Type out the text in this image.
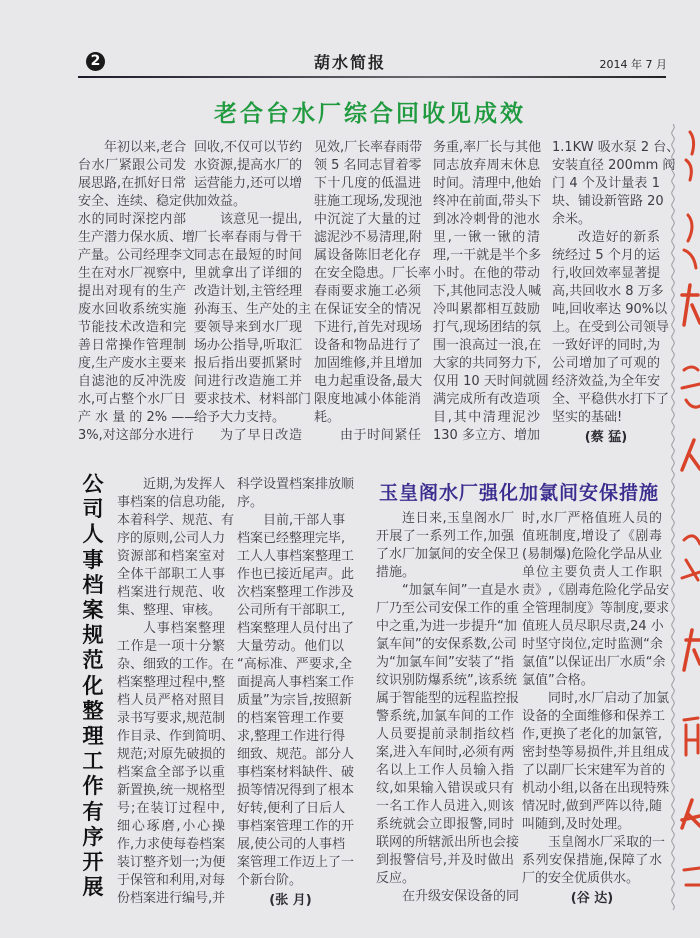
2	葫水简报	2014 年 7 月
老合台水厂综合回收见成效
年初以来,老合
台水厂紧跟公司发
展思路,在抓好日常
安全、连续、稳定供
水的同时深挖内部
生产潜力保水质、增
产量。公司经理李文
生在对水厂视察中,
提出对现有的生产
废水回收系统实施
节能技术改造和完
善日常操作管理制
度,生产废水主要来
自滤池的反冲洗废
水,可占整个水厂日
产 水 量 的 2% ——
3%,对这部分水进行
回收,不仅可以节约
水资源,提高水厂的
运营能力,还可以增
加效益。
该意见一提出,
厂长率春雨与骨干
同志在最短的时间
里就拿出了详细的
改造计划,主管经理
孙海玉、生产处的主
要领导来到水厂现
场办公指导,听取汇
报后指出要抓紧时
间进行改造施工并
要求技术、材料部门
给予大力支持。
为了早日改造
见效,厂长率春雨带
领 5 名同志冒着零
下十几度的低温进
驻施工现场,发现池
中沉淀了大量的过
滤泥沙不易清理,附
属设备陈旧老化存
在安全隐患。厂长率
春雨要求施工必须
在保证安全的情况
下进行,首先对现场
设备和物品进行了
加固维修,并且增加
电力起重设备,最大
限度地减小体能消
耗。
由于时间紧任
务重,率厂长与其他
同志放弃周末休息
时间。清理中,他始
终冲在前面,带头下
到冰冷刺骨的池水
里,一锹一锹的清
理,一干就是半个多
小时。在他的带动
下,其他同志没人喊
冷叫累都相互鼓励
打气,现场团结的氛
围一浪高过一浪,在
大家的共同努力下,
仅用 10 天时间就圆
满完成所有改造项
目,其中清理泥沙
130 多立方、增加
1.1KW 吸水泵 2 台、
安装直径 200mm 阀
门 4 个及计量表 1
块、铺设新管路 20
余米。
改造好的新系
统经过 5 个月的运
行,收回效率显著提
高,共回收水 8 万多
吨,回收率达 90%以
上。在受到公司领导
一致好评的同时,为
公司增加了可观的
经济效益,为全年安
全、平稳供水打下了
坚实的基础!
(蔡 猛)
公
司
人
事
档
案
规
范
化
整
理
工
作
有
序
开
展
近期,为发挥人
事档案的信息功能,
本着科学、规范、有
序的原则,公司人力
资源部和档案室对
全体干部职工人事
档案进行规范、收
集、整理、审核。
人事档案整理
工作是一项十分繁
杂、细致的工作。在
档案整理过程中,整
档人员严格对照目
录书写要求,规范制
作目录、作到简明、
规范;对原先破损的
档案盒全部予以重
新置换,统一规格型
号;在装订过程中,
细心琢磨,小心操
作,力求使每卷档案
装订整齐划一;为便
于保管和利用,对每
份档案进行编号,并
科学设置档案排放顺
序。
目前,干部人事
档案已经整理完毕,
工人人事档案整理工
作也已接近尾声。此
次档案整理工作涉及
公司所有干部职工,
档案整理人员付出了
大量劳动。他们以
“高标准、严要求,全
面提高人事档案工作
质量”为宗旨,按照新
的档案管理工作要
求,整理工作进行得
细致、规范。部分人
事档案材料缺件、破
损等情况得到了根本
好转,便利了日后人
事档案管理工作的开
展,使公司的人事档
案管理工作迈上了一
个新台阶。
(张 月)
玉皇阁水厂强化加氯间安保措施
连日来,玉皇阁水厂
开展了一系列工作,加强
了水厂加氯间的安全保卫
措施。
“加氯车间”一直是水
厂乃至公司安保工作的重
中之重,为进一步提升“加
氯车间”的安保系数,公司
为“加氯车间”安装了“指
纹识别防爆系统”,该系统
属于智能型的远程监控报
警系统,加氯车间的工作
人员要提前录制指纹档
案,进入车间时,必须有两
名以上工作人员输入指
纹,如果输入错误或只有
一名工作人员进入,则该
系统就会立即报警,同时
联网的所辖派出所也会接
到报警信号,并及时做出
反应。
在升级安保设备的同
时,水厂严格值班人员的
值班制度,增设了《剧毒
(易制爆)危险化学品从业
单位主要负责人工作职
责》,《剧毒危险化学品安
全管理制度》等制度,要求
值班人员尽职尽责,24 小
时坚守岗位,定时监测“余
氯值”以保证出厂水质“余
氯值”合格。
同时,水厂启动了加氯
设备的全面维修和保养工
作,更换了老化的加氯管,
密封垫等易损件,并且组成
了以副厂长宋建军为首的
机动小组,以备在出现特殊
情况时,做到严阵以待,随
叫随到,及时处理。
玉皇阁水厂采取的一
系列安保措施,保障了水
厂的安全优质供水。
(谷 达)
